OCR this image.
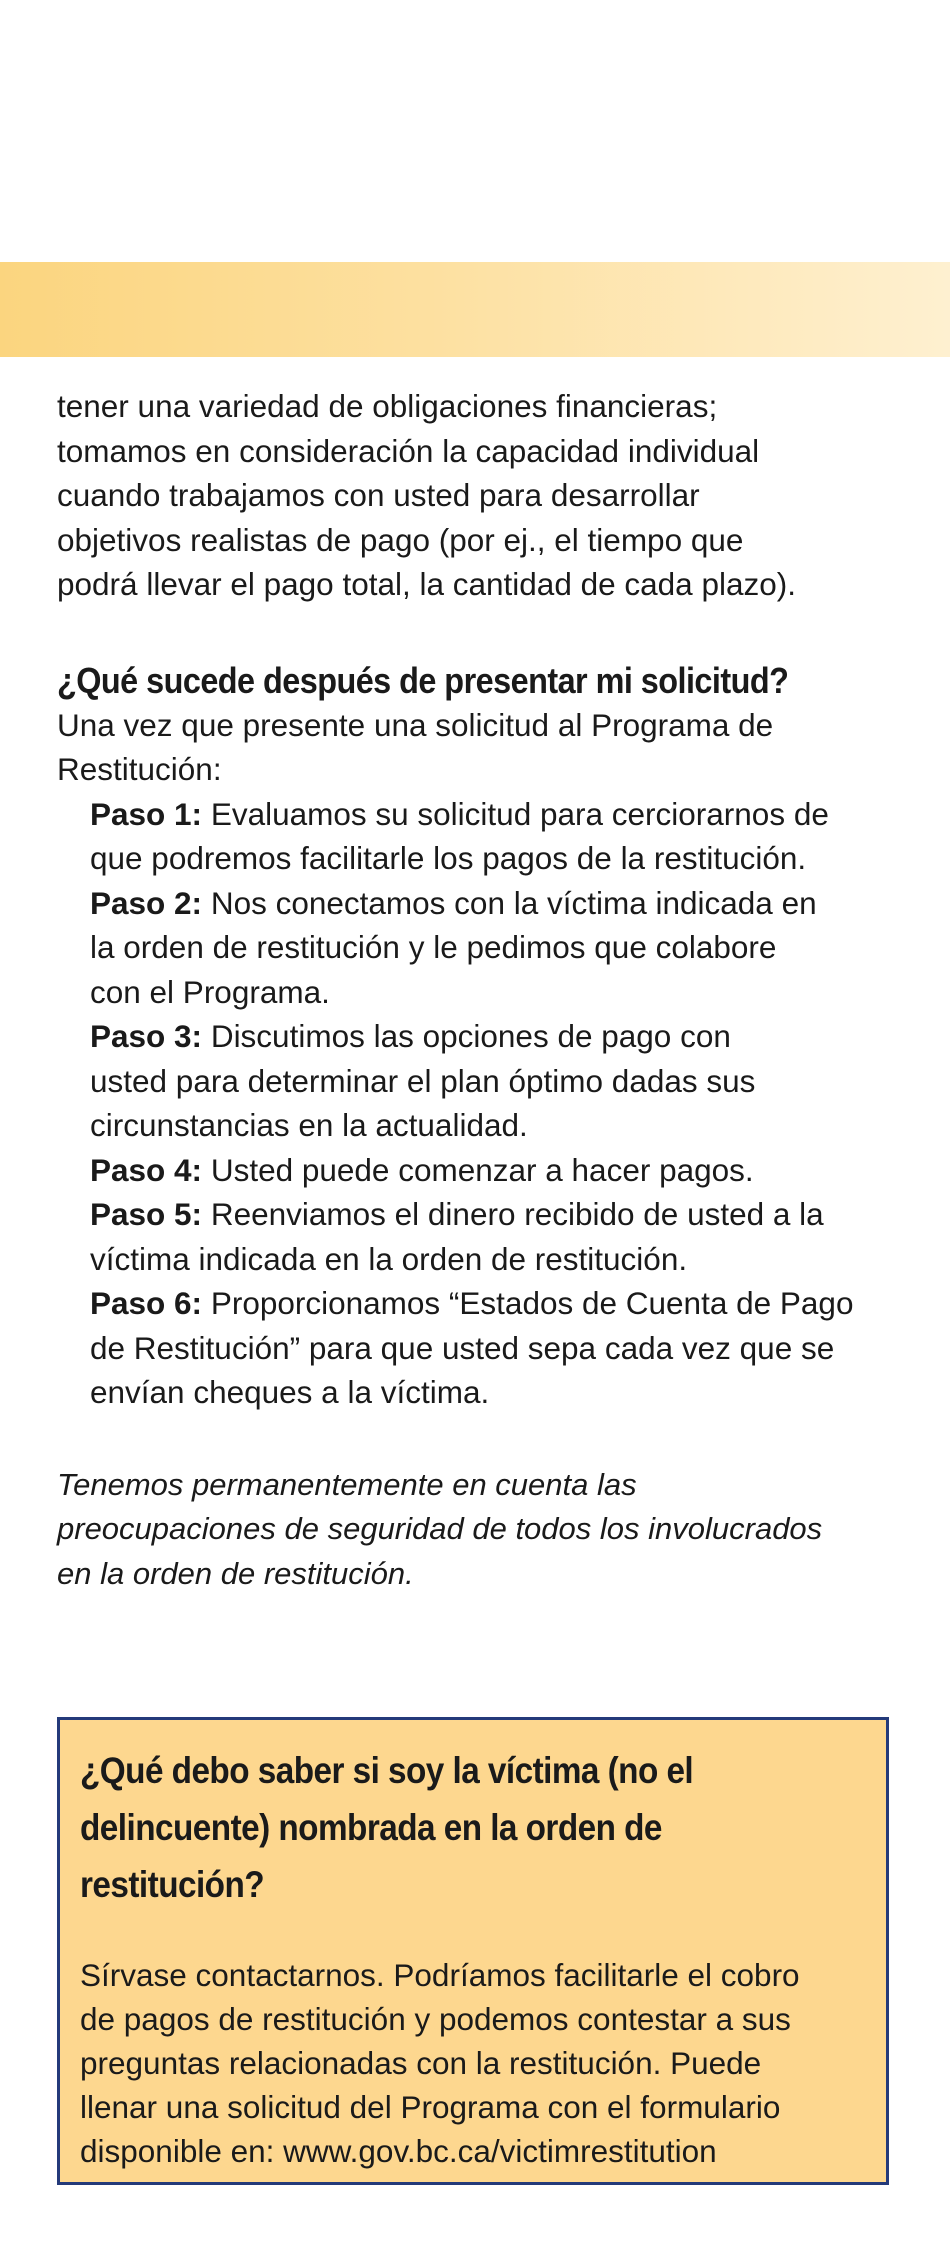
tener una variedad de obligaciones financieras;
tomamos en consideración la capacidad individual
cuando trabajamos con usted para desarrollar
objetivos realistas de pago (por ej., el tiempo que
podrá llevar el pago total, la cantidad de cada plazo).

¿Qué sucede después de presentar mi solicitud?

Una vez que presente una solicitud al Programa de
Restitución:

Paso 1: Evaluamos su solicitud para cerciorarnos de
que podremos facilitarle los pagos de la restitución.
Paso 2: Nos conectamos con la víctima indicada en
la orden de restitución y le pedimos que colabore
con el Programa.
Paso 3: Discutimos las opciones de pago con
usted para determinar el plan óptimo dadas sus
circunstancias en la actualidad.
Paso 4: Usted puede comenzar a hacer pagos.
Paso 5: Reenviamos el dinero recibido de usted a la
víctima indicada en la orden de restitución.
Paso 6: Proporcionamos “Estados de Cuenta de Pago
de Restitución” para que usted sepa cada vez que se
envían cheques a la víctima.

Tenemos permanentemente en cuenta las
preocupaciones de seguridad de todos los involucrados
en la orden de restitución.

¿Qué debo saber si soy la víctima (no el
delincuente) nombrada en la orden de
restitución?

Sírvase contactarnos. Podríamos facilitarle el cobro
de pagos de restitución y podemos contestar a sus
preguntas relacionadas con la restitución. Puede
llenar una solicitud del Programa con el formulario
disponible en: www.gov.bc.ca/victimrestitution
